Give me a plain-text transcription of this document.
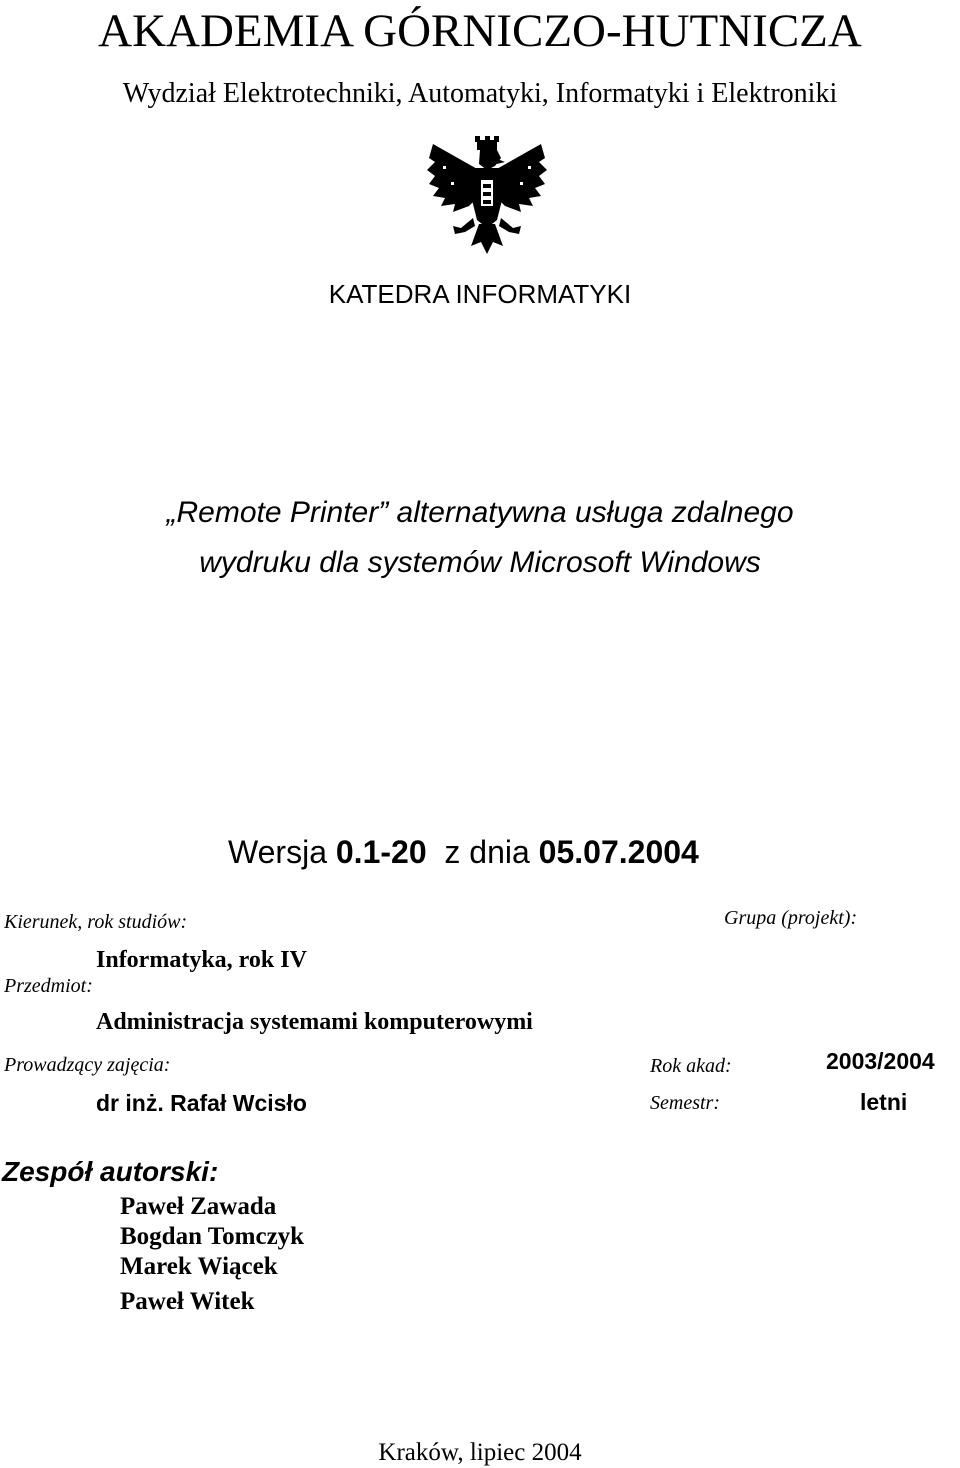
AKADEMIA GÓRNICZO-HUTNICZA

Wydział Elektrotechniki, Automatyki, Informatyki i Elektroniki

KATEDRA INFORMATYKI

„Remote Printer” alternatywna usługa zdalnego
wydruku dla systemów Microsoft Windows

Wersja 0.1-20 z dnia 05.07.2004

Kierunek, rok studiów:	Grupa (projekt):

Informatyka, rok IV

Przedmiot:

Administracja systemami komputerowymi

Prowadzący zajęcia:	Rok akad:	2003/2004

dr inż. Rafał Wcisło	Semestr:	letni

Zespół autorski:

Paweł Zawada

Bogdan Tomczyk

Marek Wiącek

Paweł Witek

Kraków, lipiec 2004
